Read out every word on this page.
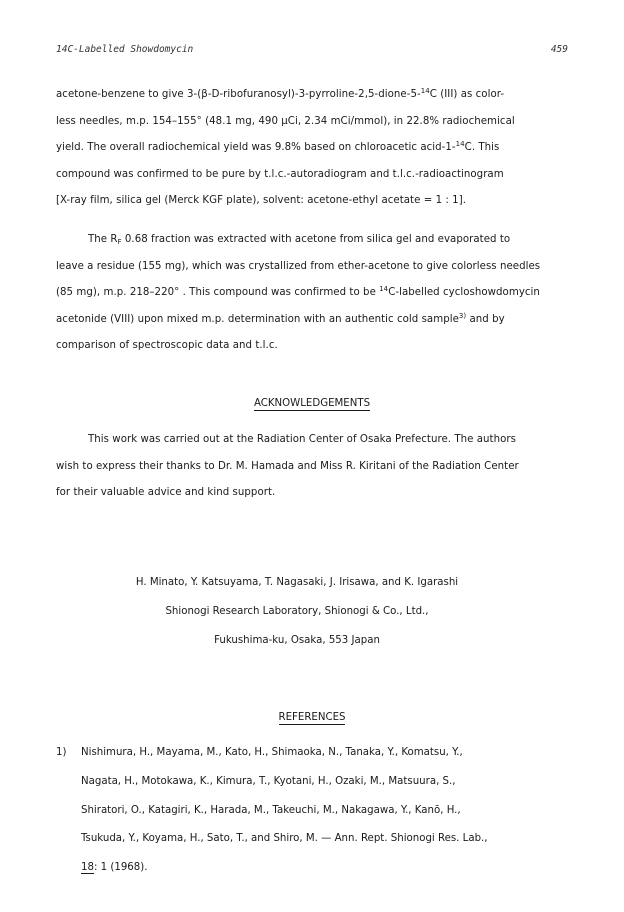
14C-Labelled Showdomycin	459
acetone-benzene to give 3-(β-D-ribofuranosyl)-3-pyrroline-2,5-dione-5-$^{14}$C (III) as color-
less needles, m.p. 154–155° (48.1 mg, 490 μCi, 2.34 mCi/mmol), in 22.8% radiochemical
yield. The overall radiochemical yield was 9.8% based on chloroacetic acid-1-$^{14}$C. This
compound was confirmed to be pure by t.l.c.-autoradiogram and t.l.c.-radioactinogram
[X-ray film, silica gel (Merck KGF plate), solvent: acetone-ethyl acetate = 1 : 1].
The $R_F$ 0.68 fraction was extracted with acetone from silica gel and evaporated to
leave a residue (155 mg), which was crystallized from ether-acetone to give colorless needles
(85 mg), m.p. 218–220° . This compound was confirmed to be $^{14}$C-labelled cycloshowdomycin
acetonide (VIII) upon mixed m.p. determination with an authentic cold sample$^{3)}$ and by
comparison of spectroscopic data and t.l.c.
ACKNOWLEDGEMENTS
This work was carried out at the Radiation Center of Osaka Prefecture. The authors
wish to express their thanks to Dr. M. Hamada and Miss R. Kiritani of the Radiation Center
for their valuable advice and kind support.
H. Minato, Y. Katsuyama, T. Nagasaki, J. Irisawa, and K. Igarashi
Shionogi Research Laboratory, Shionogi & Co., Ltd.,
Fukushima-ku, Osaka, 553 Japan
REFERENCES
1) Nishimura, H., Mayama, M., Kato, H., Shimaoka, N., Tanaka, Y., Komatsu, Y.,
Nagata, H., Motokawa, K., Kimura, T., Kyotani, H., Ozaki, M., Matsuura, S.,
Shiratori, O., Katagiri, K., Harada, M., Takeuchi, M., Nakagawa, Y., Kanō, H.,
Tsukuda, Y., Koyama, H., Sato, T., and Shiro, M. — Ann. Rept. Shionogi Res. Lab.,
18: 1 (1968).
